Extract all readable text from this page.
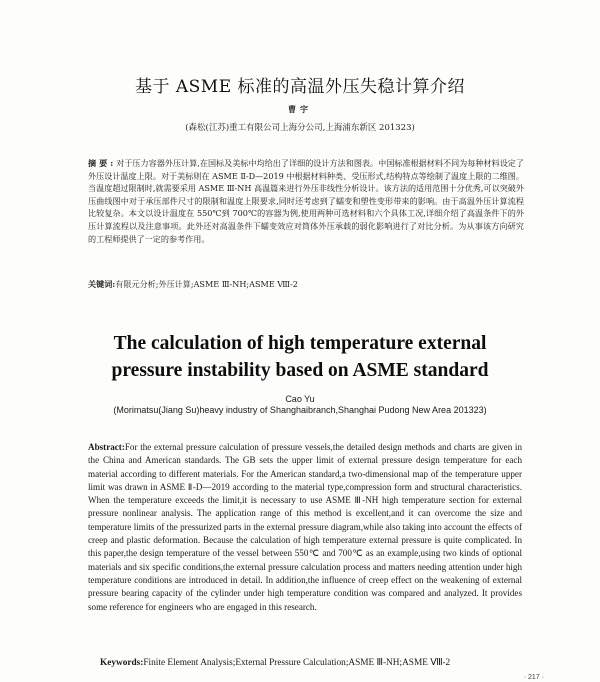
基于 ASME 标准的高温外压失稳计算介绍
曹宇
(森松(江苏)重工有限公司上海分公司,上海浦东新区 201323)
摘要:对于压力容器外压计算,在国标及美标中均给出了详细的设计方法和图表。中国标准根据材料不同为每种材料设定了外压设计温度上限。对于美标则在 ASME Ⅱ-D—2019 中根据材料种类、受压形式,结构特点等绘制了温度上限的二维图。当温度超过限制时,就需要采用 ASME Ⅲ-NH 高温篇来进行外压非线性分析设计。该方法的适用范围十分优秀,可以突破外压曲线图中对于承压部件尺寸的限制和温度上限要求,同时还考虑到了蠕变和塑性变形带来的影响。由于高温外压计算流程比较复杂。本文以设计温度在 550℃到 700℃的容器为例,使用两种可选材料和六个具体工况,详细介绍了高温条件下的外压计算流程以及注意事项。此外还对高温条件下蠕变效应对筒体外压承载的弱化影响进行了对比分析。为从事该方向研究的工程师提供了一定的参考作用。
关键词:有限元分析;外压计算;ASME Ⅲ-NH;ASME Ⅷ-2
The calculation of high temperature external
pressure instability based on ASME standard
Cao Yu
(Morimatsu(Jiang Su)heavy industry of Shanghaibranch,Shanghai Pudong New Area 201323)
Abstract:For the external pressure calculation of pressure vessels,the detailed design methods and charts are given in the China and American standards. The GB sets the upper limit of external pressure design temperature for each material according to different materials. For the American standard,a two-dimensional map of the temperature upper limit was drawn in ASME Ⅱ-D—2019 according to the material type,compression form and structural characteristics. When the temperature exceeds the limit,it is necessary to use ASME Ⅲ-NH high temperature section for external pressure nonlinear analysis. The application range of this method is excellent,and it can overcome the size and temperature limits of the pressurized parts in the external pressure diagram,while also taking into account the effects of creep and plastic deformation. Because the calculation of high temperature external pressure is quite complicated. In this paper,the design temperature of the vessel between 550℃ and 700℃ as an example,using two kinds of optional materials and six specific conditions,the external pressure calculation process and matters needing attention under high temperature conditions are introduced in detail. In addition,the influence of creep effect on the weakening of external pressure bearing capacity of the cylinder under high temperature condition was compared and analyzed. It provides some reference for engineers who are engaged in this research.
Keywords:Finite Element Analysis;External Pressure Calculation;ASME Ⅲ-NH;ASME Ⅷ-2
· 217 ·
